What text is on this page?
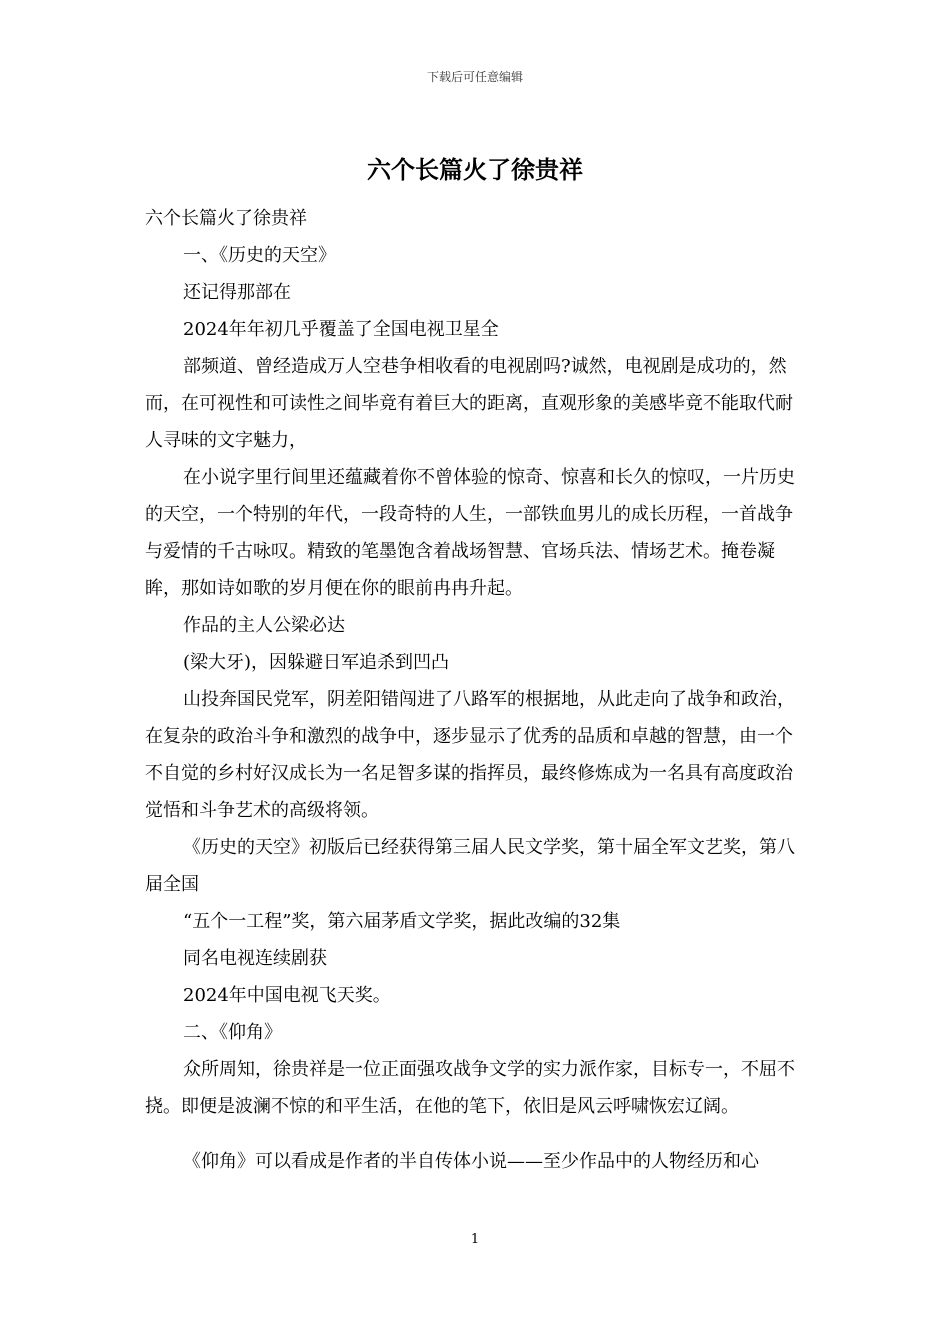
下载后可任意编辑
六个长篇火了徐贵祥

六个长篇火了徐贵祥

一、《历史的天空》

还记得那部在

2024年年初几乎覆盖了全国电视卫星全

部频道、曾经造成万人空巷争相收看的电视剧吗?诚然，电视剧是成功的，然而，在可视性和可读性之间毕竟有着巨大的距离，直观形象的美感毕竟不能取代耐人寻味的文字魅力，

在小说字里行间里还蕴藏着你不曾体验的惊奇、惊喜和长久的惊叹，一片历史的天空，一个特别的年代，一段奇特的人生，一部铁血男儿的成长历程，一首战争与爱情的千古咏叹。精致的笔墨饱含着战场智慧、官场兵法、情场艺术。掩卷凝眸，那如诗如歌的岁月便在你的眼前冉冉升起。

作品的主人公梁必达

(梁大牙)，因躲避日军追杀到凹凸

山投奔国民党军，阴差阳错闯进了八路军的根据地，从此走向了战争和政治，在复杂的政治斗争和激烈的战争中，逐步显示了优秀的品质和卓越的智慧，由一个不自觉的乡村好汉成长为一名足智多谋的指挥员，最终修炼成为一名具有高度政治觉悟和斗争艺术的高级将领。

《历史的天空》初版后已经获得第三届人民文学奖，第十届全军文艺奖，第八届全国

“五个一工程”奖，第六届茅盾文学奖，据此改编的32集

同名电视连续剧获

2024年中国电视飞天奖。

二、《仰角》

众所周知，徐贵祥是一位正面强攻战争文学的实力派作家，目标专一，不屈不挠。即便是波澜不惊的和平生活，在他的笔下，依旧是风云呼啸恢宏辽阔。

《仰角》可以看成是作者的半自传体小说——至少作品中的人物经历和心

1
